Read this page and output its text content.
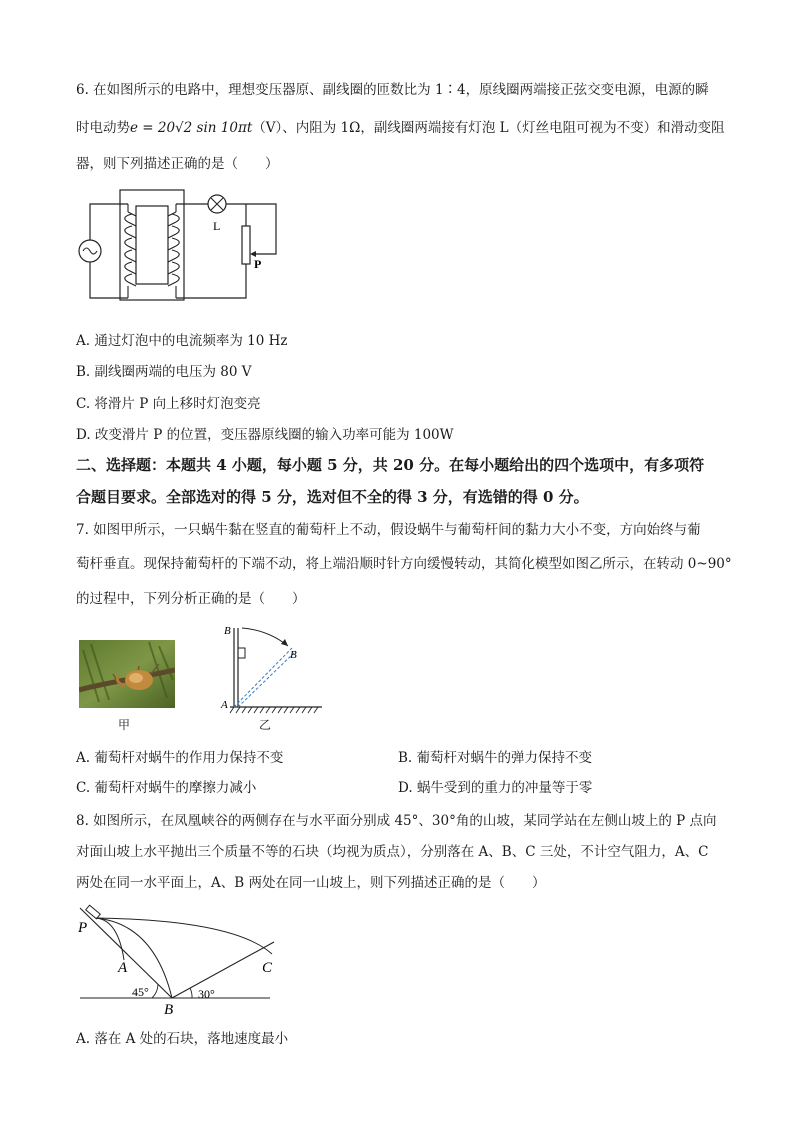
6. 在如图所示的电路中，理想变压器原、副线圈的匝数比为 1∶4，原线圈两端接正弦交变电源，电源的瞬
时电动势e = 20√2 sin 10πt（V）、内阻为 1Ω，副线圈两端接有灯泡 L（灯丝电阻可视为不变）和滑动变阻
器，则下列描述正确的是（　　）
L
P
A. 通过灯泡中的电流频率为 10 Hz
B. 副线圈两端的电压为 80 V
C. 将滑片 P 向上移时灯泡变亮
D. 改变滑片 P 的位置，变压器原线圈的输入功率可能为 100W
二、选择题：本题共 4 小题，每小题 5 分，共 20 分。在每小题给出的四个选项中，有多项符
合题目要求。全部选对的得 5 分，选对但不全的得 3 分，有选错的得 0 分。
7. 如图甲所示，一只蜗牛黏在竖直的葡萄杆上不动，假设蜗牛与葡萄杆间的黏力大小不变，方向始终与葡
萄杆垂直。现保持葡萄杆的下端不动，将上端沿顺时针方向缓慢转动，其简化模型如图乙所示，在转动 0~90°
的过程中，下列分析正确的是（　　）
甲
B
B
A
乙
A. 葡萄杆对蜗牛的作用力保持不变	B. 葡萄杆对蜗牛的弹力保持不变
C. 葡萄杆对蜗牛的摩擦力减小	D. 蜗牛受到的重力的冲量等于零
8. 如图所示，在凤凰峡谷的两侧存在与水平面分别成 45°、30°角的山坡，某同学站在左侧山坡上的 P 点向
对面山坡上水平抛出三个质量不等的石块（均视为质点），分别落在 A、B、C 三处，不计空气阻力，A、C
两处在同一水平面上，A、B 两处在同一山坡上，则下列描述正确的是（　　）
P
A
B
C
45°	30°
A. 落在 A 处的石块，落地速度最小
